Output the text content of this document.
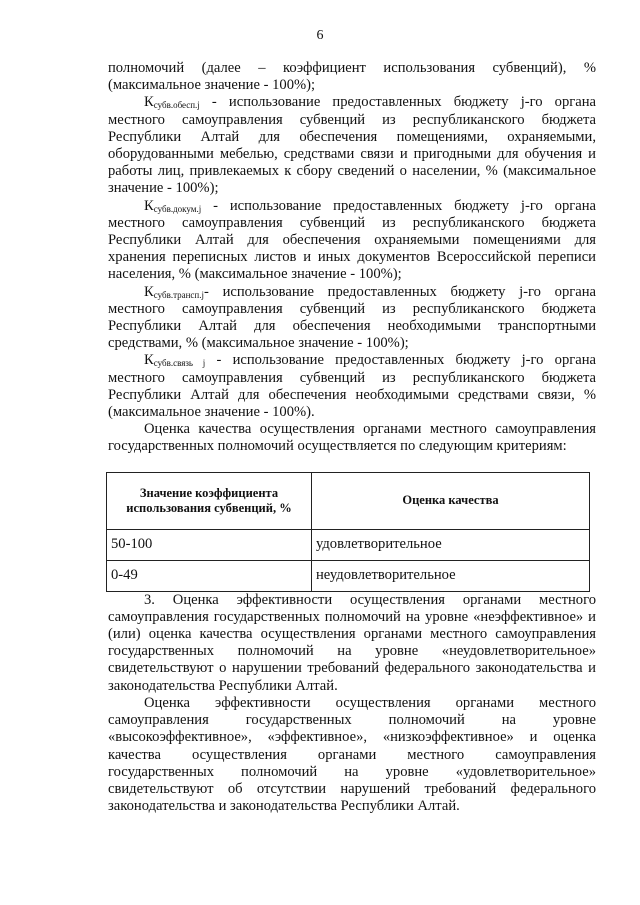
6

полномочий (далее – коэффициент использования субвенций), % (максимальное значение - 100%);

$К_{субв.обесп.j}$ - использование предоставленных бюджету j-го органа местного самоуправления субвенций из республиканского бюджета Республики Алтай для обеспечения помещениями, охраняемыми, оборудованными мебелью, средствами связи и пригодными для обучения и работы лиц, привлекаемых к сбору сведений о населении, % (максимальное значение - 100%);

$К_{субв.докум.j}$ - использование предоставленных бюджету j-го органа местного самоуправления субвенций из республиканского бюджета Республики Алтай для обеспечения охраняемыми помещениями для хранения переписных листов и иных документов Всероссийской переписи населения, % (максимальное значение - 100%);

$К_{субв.трансп.j}-$ использование предоставленных бюджету j-го органа местного самоуправления субвенций из республиканского бюджета Республики Алтай для обеспечения необходимыми транспортными средствами, % (максимальное значение - 100%);

$К_{субв.связь j}$ - использование предоставленных бюджету j-го органа местного самоуправления субвенций из республиканского бюджета Республики Алтай для обеспечения необходимыми средствами связи, % (максимальное значение - 100%).

Оценка качества осуществления органами местного самоуправления государственных полномочий осуществляется по следующим критериям:

Значение коэффициента использования субвенций, %	Оценка качества
50-100	удовлетворительное
0-49	неудовлетворительное

3. Оценка эффективности осуществления органами местного самоуправления государственных полномочий на уровне «неэффективное» и (или) оценка качества осуществления органами местного самоуправления государственных полномочий на уровне «неудовлетворительное» свидетельствуют о нарушении требований федерального законодательства и законодательства Республики Алтай.

Оценка эффективности осуществления органами местного самоуправления государственных полномочий на уровне «высокоэффективное», «эффективное», «низкоэффективное» и оценка качества осуществления органами местного самоуправления государственных полномочий на уровне «удовлетворительное» свидетельствуют об отсутствии нарушений требований федерального законодательства и законодательства Республики Алтай.
